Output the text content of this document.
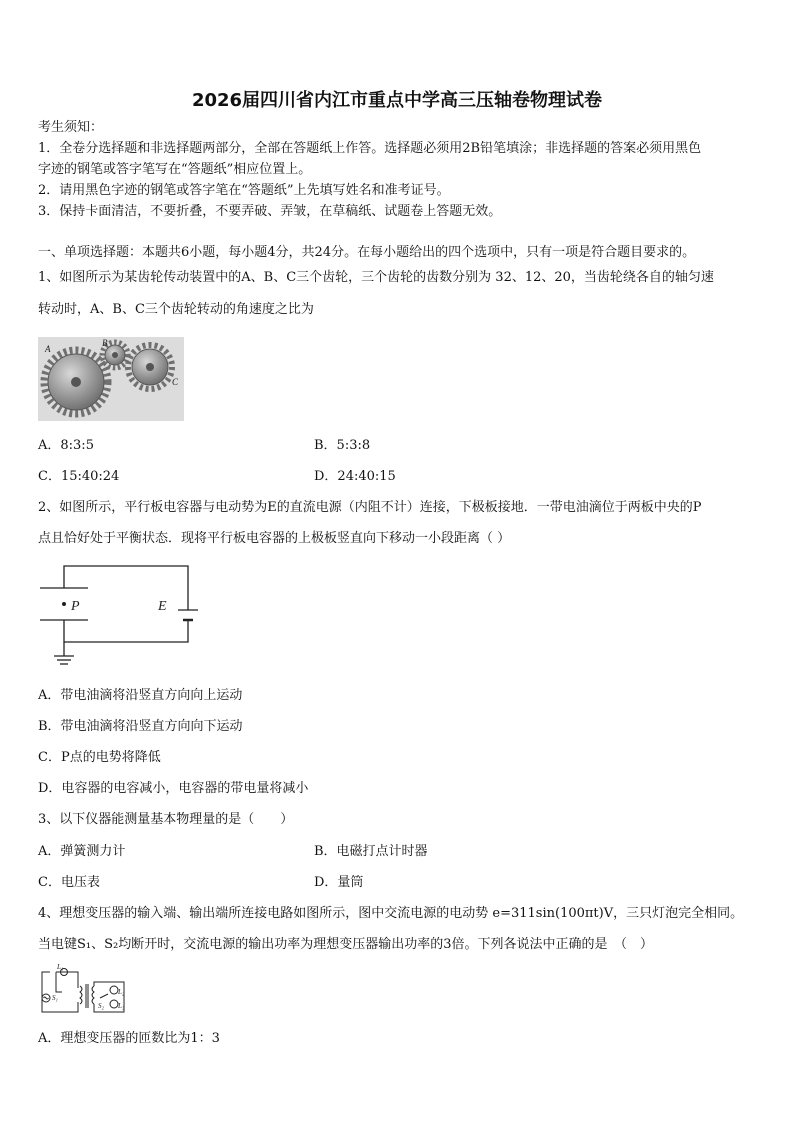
2026届四川省内江市重点中学高三压轴卷物理试卷
考生须知：
1．全卷分选择题和非选择题两部分，全部在答题纸上作答。选择题必须用2B铅笔填涂；非选择题的答案必须用黑色
字迹的钢笔或答字笔写在“答题纸”相应位置上。
2．请用黑色字迹的钢笔或答字笔在“答题纸”上先填写姓名和准考证号。
3．保持卡面清洁，不要折叠，不要弄破、弄皱，在草稿纸、试题卷上答题无效。
一、单项选择题：本题共6小题，每小题4分，共24分。在每小题给出的四个选项中，只有一项是符合题目要求的。
1、如图所示为某齿轮传动装置中的A、B、C三个齿轮，三个齿轮的齿数分别为 32、12、20，当齿轮绕各自的轴匀速
转动时，A、B、C三个齿轮转动的角速度之比为
A
B
C
A．8:3:5	B．5:3:8
C．15:40:24	D．24:40:15
2、如图所示，平行板电容器与电动势为E的直流电源（内阻不计）连接，下极板接地．一带电油滴位于两板中央的P
点且恰好处于平衡状态．现将平行板电容器的上极板竖直向下移动一小段距离（ ）
P	E
A．带电油滴将沿竖直方向向上运动
B．带电油滴将沿竖直方向向下运动
C．P点的电势将降低
D．电容器的电容减小，电容器的带电量将减小
3、以下仪器能测量基本物理量的是（　　）
A．弹簧测力计	B．电磁打点计时器
C．电压表	D．量筒
4、理想变压器的输入端、输出端所连接电路如图所示，图中交流电源的电动势 e=311sin(100πt)V，三只灯泡完全相同。
当电键S₁、S₂均断开时，交流电源的输出功率为理想变压器输出功率的3倍。下列各说法中正确的是　（　）
L₁
S₁
L₂
S₂ L₃
A．理想变压器的匝数比为1：3
